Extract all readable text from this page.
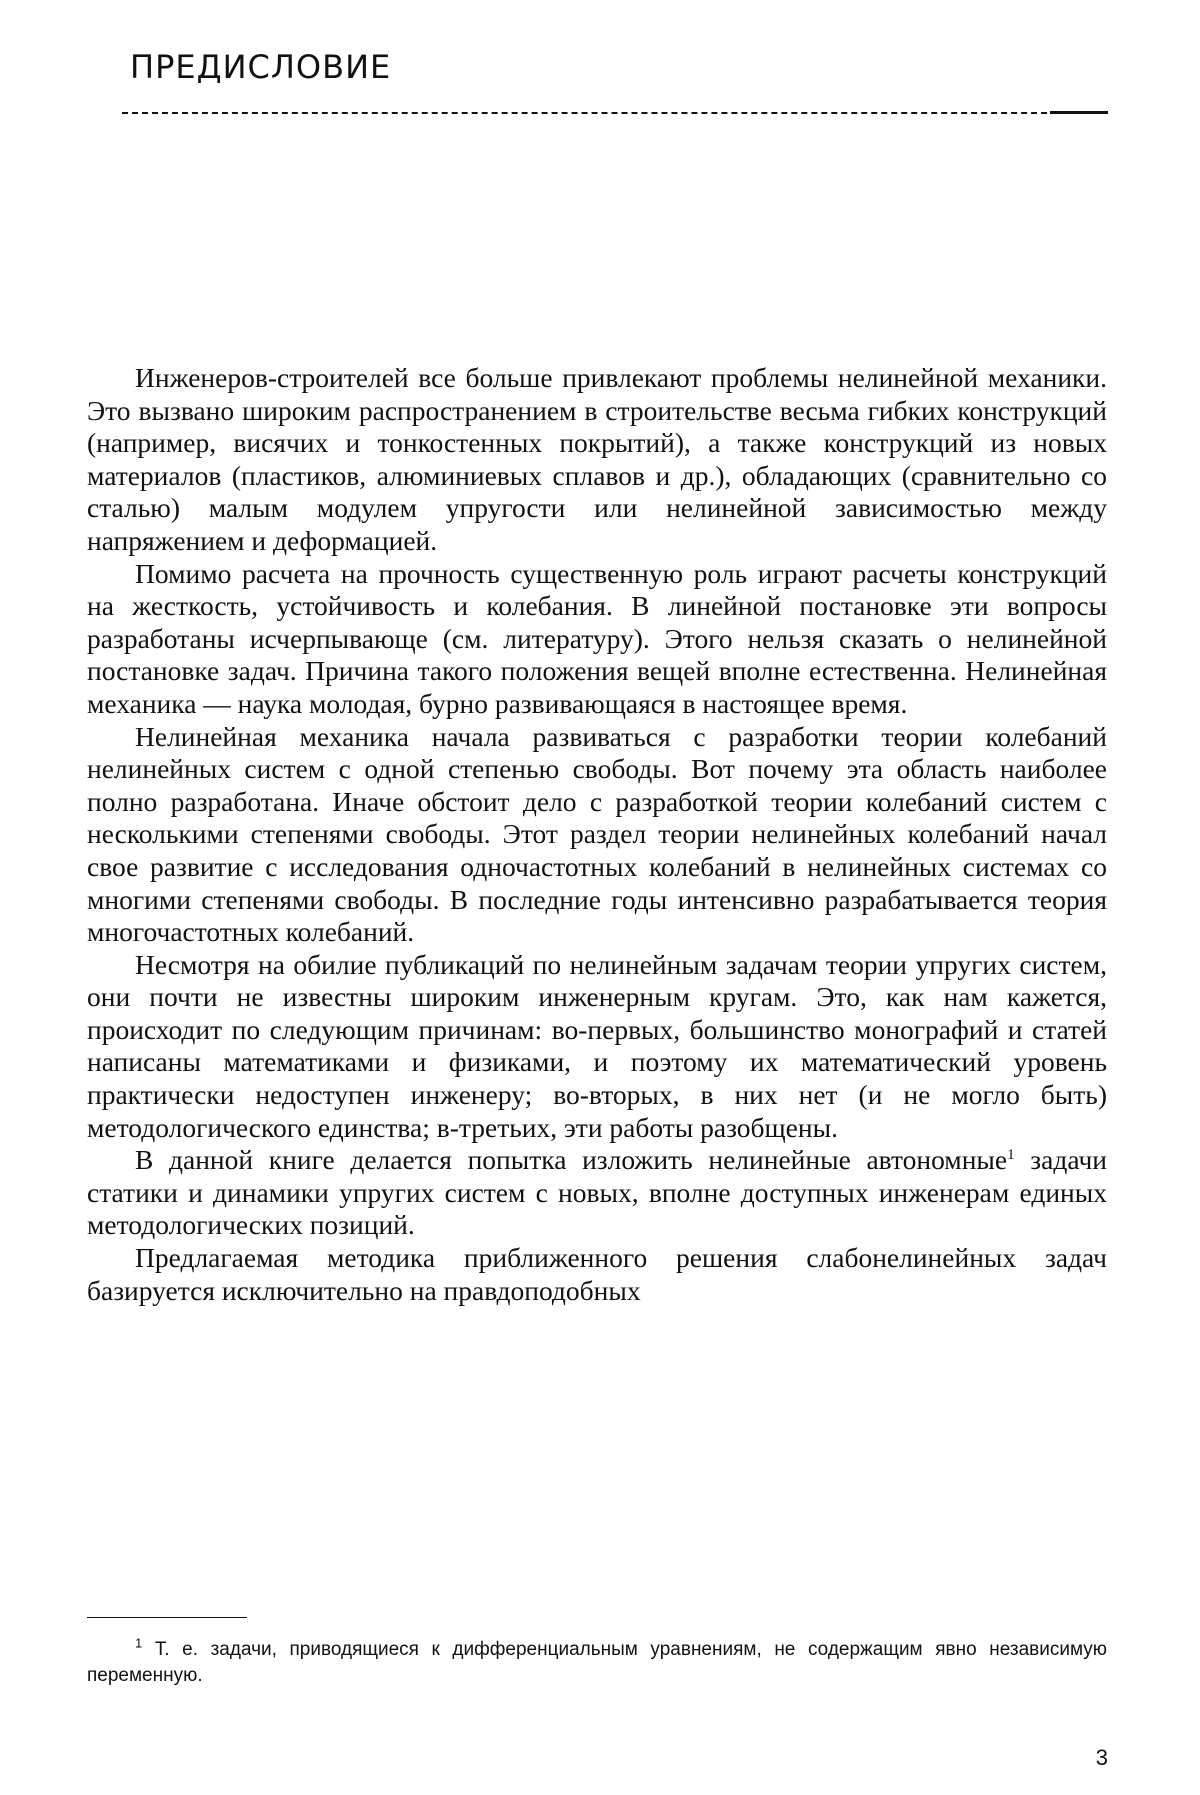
ПРЕДИСЛОВИЕ

Инженеров-строителей все больше привлекают проблемы нелинейной механики. Это вызвано широким распространением в строительстве весьма гибких конструкций (например, висячих и тонкостенных покрытий), а также конструкций из новых материалов (пластиков, алюминиевых сплавов и др.), обладающих (сравнительно со сталью) малым модулем упругости или нелинейной зависимостью между напряжением и деформацией.

Помимо расчета на прочность существенную роль играют расчеты конструкций на жесткость, устойчивость и колебания. В линейной постановке эти вопросы разработаны исчерпывающе (см. литературу). Этого нельзя сказать о нелинейной постановке задач. Причина такого положения вещей вполне естественна. Нелинейная механика — наука молодая, бурно развивающаяся в настоящее время.

Нелинейная механика начала развиваться с разработки теории колебаний нелинейных систем с одной степенью свободы. Вот почему эта область наиболее полно разработана. Иначе обстоит дело с разработкой теории колебаний систем с несколькими степенями свободы. Этот раздел теории нелинейных колебаний начал свое развитие с исследования одночастотных колебаний в нелинейных системах со многими степенями свободы. В последние годы интенсивно разрабатывается теория многочастотных колебаний.

Несмотря на обилие публикаций по нелинейным задачам теории упругих систем, они почти не известны широким инженерным кругам. Это, как нам кажется, происходит по следующим причинам: во-первых, большинство монографий и статей написаны математиками и физиками, и поэтому их математический уровень практически недоступен инженеру; во-вторых, в них нет (и не могло быть) методологического единства; в-третьих, эти работы разобщены.

В данной книге делается попытка изложить нелинейные автономные$^1$ задачи статики и динамики упругих систем с новых, вполне доступных инженерам единых методологических позиций.

Предлагаемая методика приближенного решения слабонелинейных задач базируется исключительно на правдоподобных

$^1$ Т. е. задачи, приводящиеся к дифференциальным уравнениям, не содержащим явно независимую переменную.

3
